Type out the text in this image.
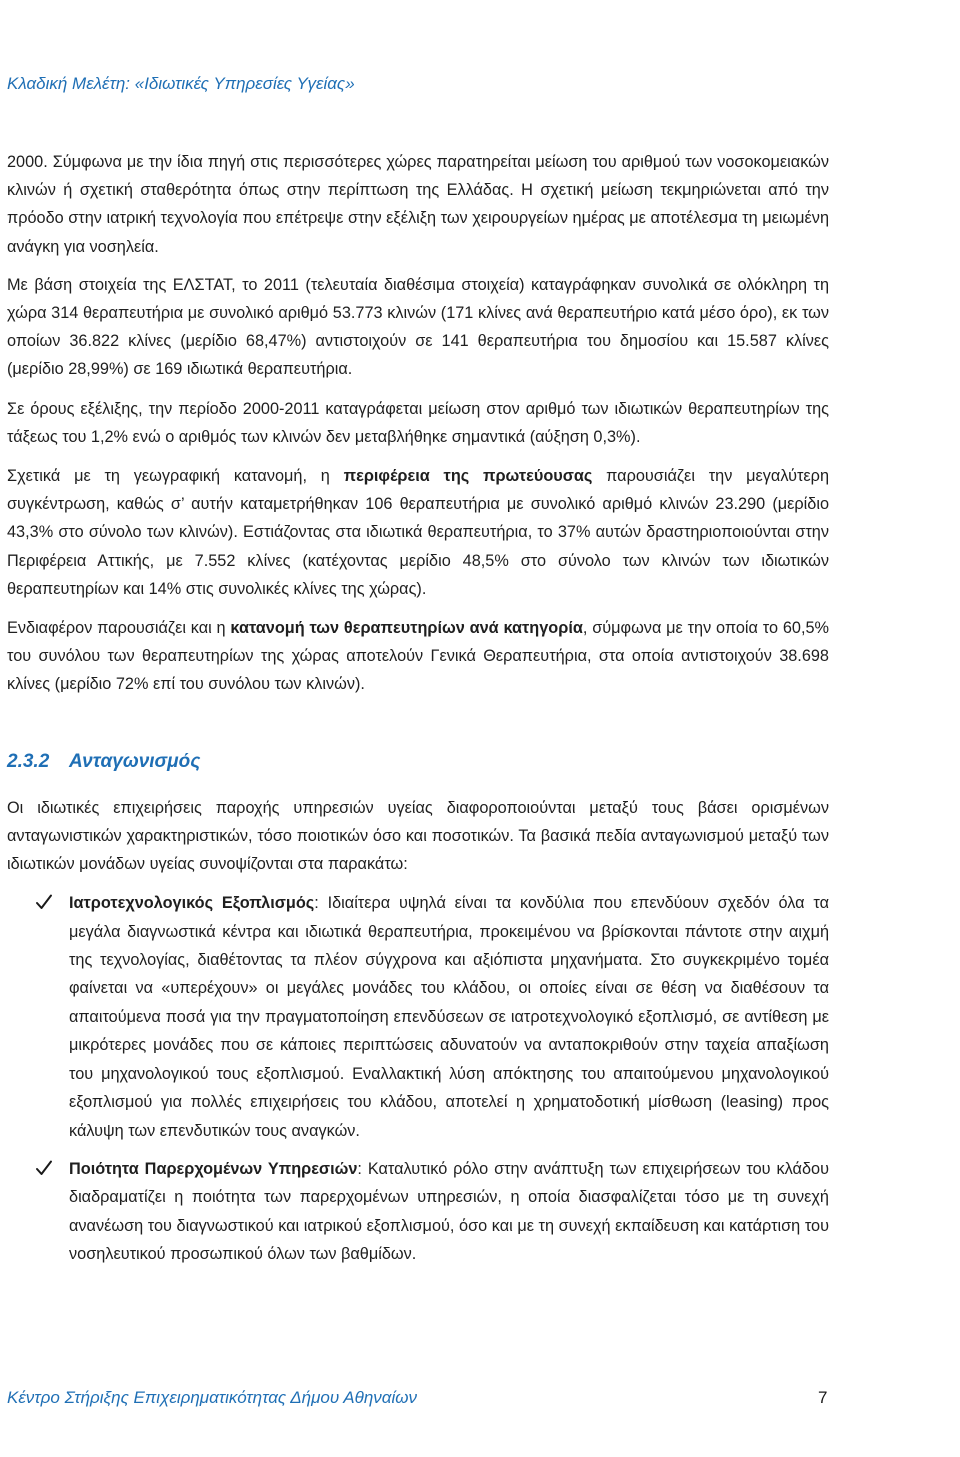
Κλαδική Μελέτη: «Ιδιωτικές Υπηρεσίες Υγείας»

2000. Σύμφωνα με την ίδια πηγή στις περισσότερες χώρες παρατηρείται μείωση του αριθμού των νοσοκομειακών κλινών ή σχετική σταθερότητα όπως στην περίπτωση της Ελλάδας. Η σχετική μείωση τεκμηριώνεται από την πρόοδο στην ιατρική τεχνολογία που επέτρεψε στην εξέλιξη των χειρουργείων ημέρας με αποτέλεσμα τη μειωμένη ανάγκη για νοσηλεία.

Με βάση στοιχεία της ΕΛΣΤΑΤ, το 2011 (τελευταία διαθέσιμα στοιχεία) καταγράφηκαν συνολικά σε ολόκληρη τη χώρα 314 θεραπευτήρια με συνολικό αριθμό 53.773 κλινών (171 κλίνες ανά θεραπευτήριο κατά μέσο όρο), εκ των οποίων 36.822 κλίνες (μερίδιο 68,47%) αντιστοιχούν σε 141 θεραπευτήρια του δημοσίου και 15.587 κλίνες (μερίδιο 28,99%) σε 169 ιδιωτικά θεραπευτήρια.

Σε όρους εξέλιξης, την περίοδο 2000-2011 καταγράφεται μείωση στον αριθμό των ιδιωτικών θεραπευτηρίων της τάξεως του 1,2% ενώ ο αριθμός των κλινών δεν μεταβλήθηκε σημαντικά (αύξηση 0,3%).

Σχετικά με τη γεωγραφική κατανομή, η περιφέρεια της πρωτεύουσας παρουσιάζει την μεγαλύτερη συγκέντρωση, καθώς σ’ αυτήν καταμετρήθηκαν 106 θεραπευτήρια με συνολικό αριθμό κλινών 23.290 (μερίδιο 43,3% στο σύνολο των κλινών). Εστιάζοντας στα ιδιωτικά θεραπευτήρια, το 37% αυτών δραστηριοποιούνται στην Περιφέρεια Αττικής, με 7.552 κλίνες (κατέχοντας μερίδιο 48,5% στο σύνολο των κλινών των ιδιωτικών θεραπευτηρίων και 14% στις συνολικές κλίνες της χώρας).

Ενδιαφέρον παρουσιάζει και η κατανομή των θεραπευτηρίων ανά κατηγορία, σύμφωνα με την οποία το 60,5% του συνόλου των θεραπευτηρίων της χώρας αποτελούν Γενικά Θεραπευτήρια, στα οποία αντιστοιχούν 38.698 κλίνες (μερίδιο 72% επί του συνόλου των κλινών).

2.3.2 Ανταγωνισμός

Οι ιδιωτικές επιχειρήσεις παροχής υπηρεσιών υγείας διαφοροποιούνται μεταξύ τους βάσει ορισμένων ανταγωνιστικών χαρακτηριστικών, τόσο ποιοτικών όσο και ποσοτικών. Τα βασικά πεδία ανταγωνισμού μεταξύ των ιδιωτικών μονάδων υγείας συνοψίζονται στα παρακάτω:

Ιατροτεχνολογικός Εξοπλισμός: Ιδιαίτερα υψηλά είναι τα κονδύλια που επενδύουν σχεδόν όλα τα μεγάλα διαγνωστικά κέντρα και ιδιωτικά θεραπευτήρια, προκειμένου να βρίσκονται πάντοτε στην αιχμή της τεχνολογίας, διαθέτοντας τα πλέον σύγχρονα και αξιόπιστα μηχανήματα. Στο συγκεκριμένο τομέα φαίνεται να «υπερέχουν» οι μεγάλες μονάδες του κλάδου, οι οποίες είναι σε θέση να διαθέσουν τα απαιτούμενα ποσά για την πραγματοποίηση επενδύσεων σε ιατροτεχνολογικό εξοπλισμό, σε αντίθεση με μικρότερες μονάδες που σε κάποιες περιπτώσεις αδυνατούν να ανταποκριθούν στην ταχεία απαξίωση του μηχανολογικού τους εξοπλισμού. Εναλλακτική λύση απόκτησης του απαιτούμενου μηχανολογικού εξοπλισμού για πολλές επιχειρήσεις του κλάδου, αποτελεί η χρηματοδοτική μίσθωση (leasing) προς κάλυψη των επενδυτικών τους αναγκών.
Ποιότητα Παρερχομένων Υπηρεσιών: Καταλυτικό ρόλο στην ανάπτυξη των επιχειρήσεων του κλάδου διαδραματίζει η ποιότητα των παρερχομένων υπηρεσιών, η οποία διασφαλίζεται τόσο με τη συνεχή ανανέωση του διαγνωστικού και ιατρικού εξοπλισμού, όσο και με τη συνεχή εκπαίδευση και κατάρτιση του νοσηλευτικού προσωπικού όλων των βαθμίδων.
Κέντρο Στήριξης Επιχειρηματικότητας Δήμου Αθηναίων	7
